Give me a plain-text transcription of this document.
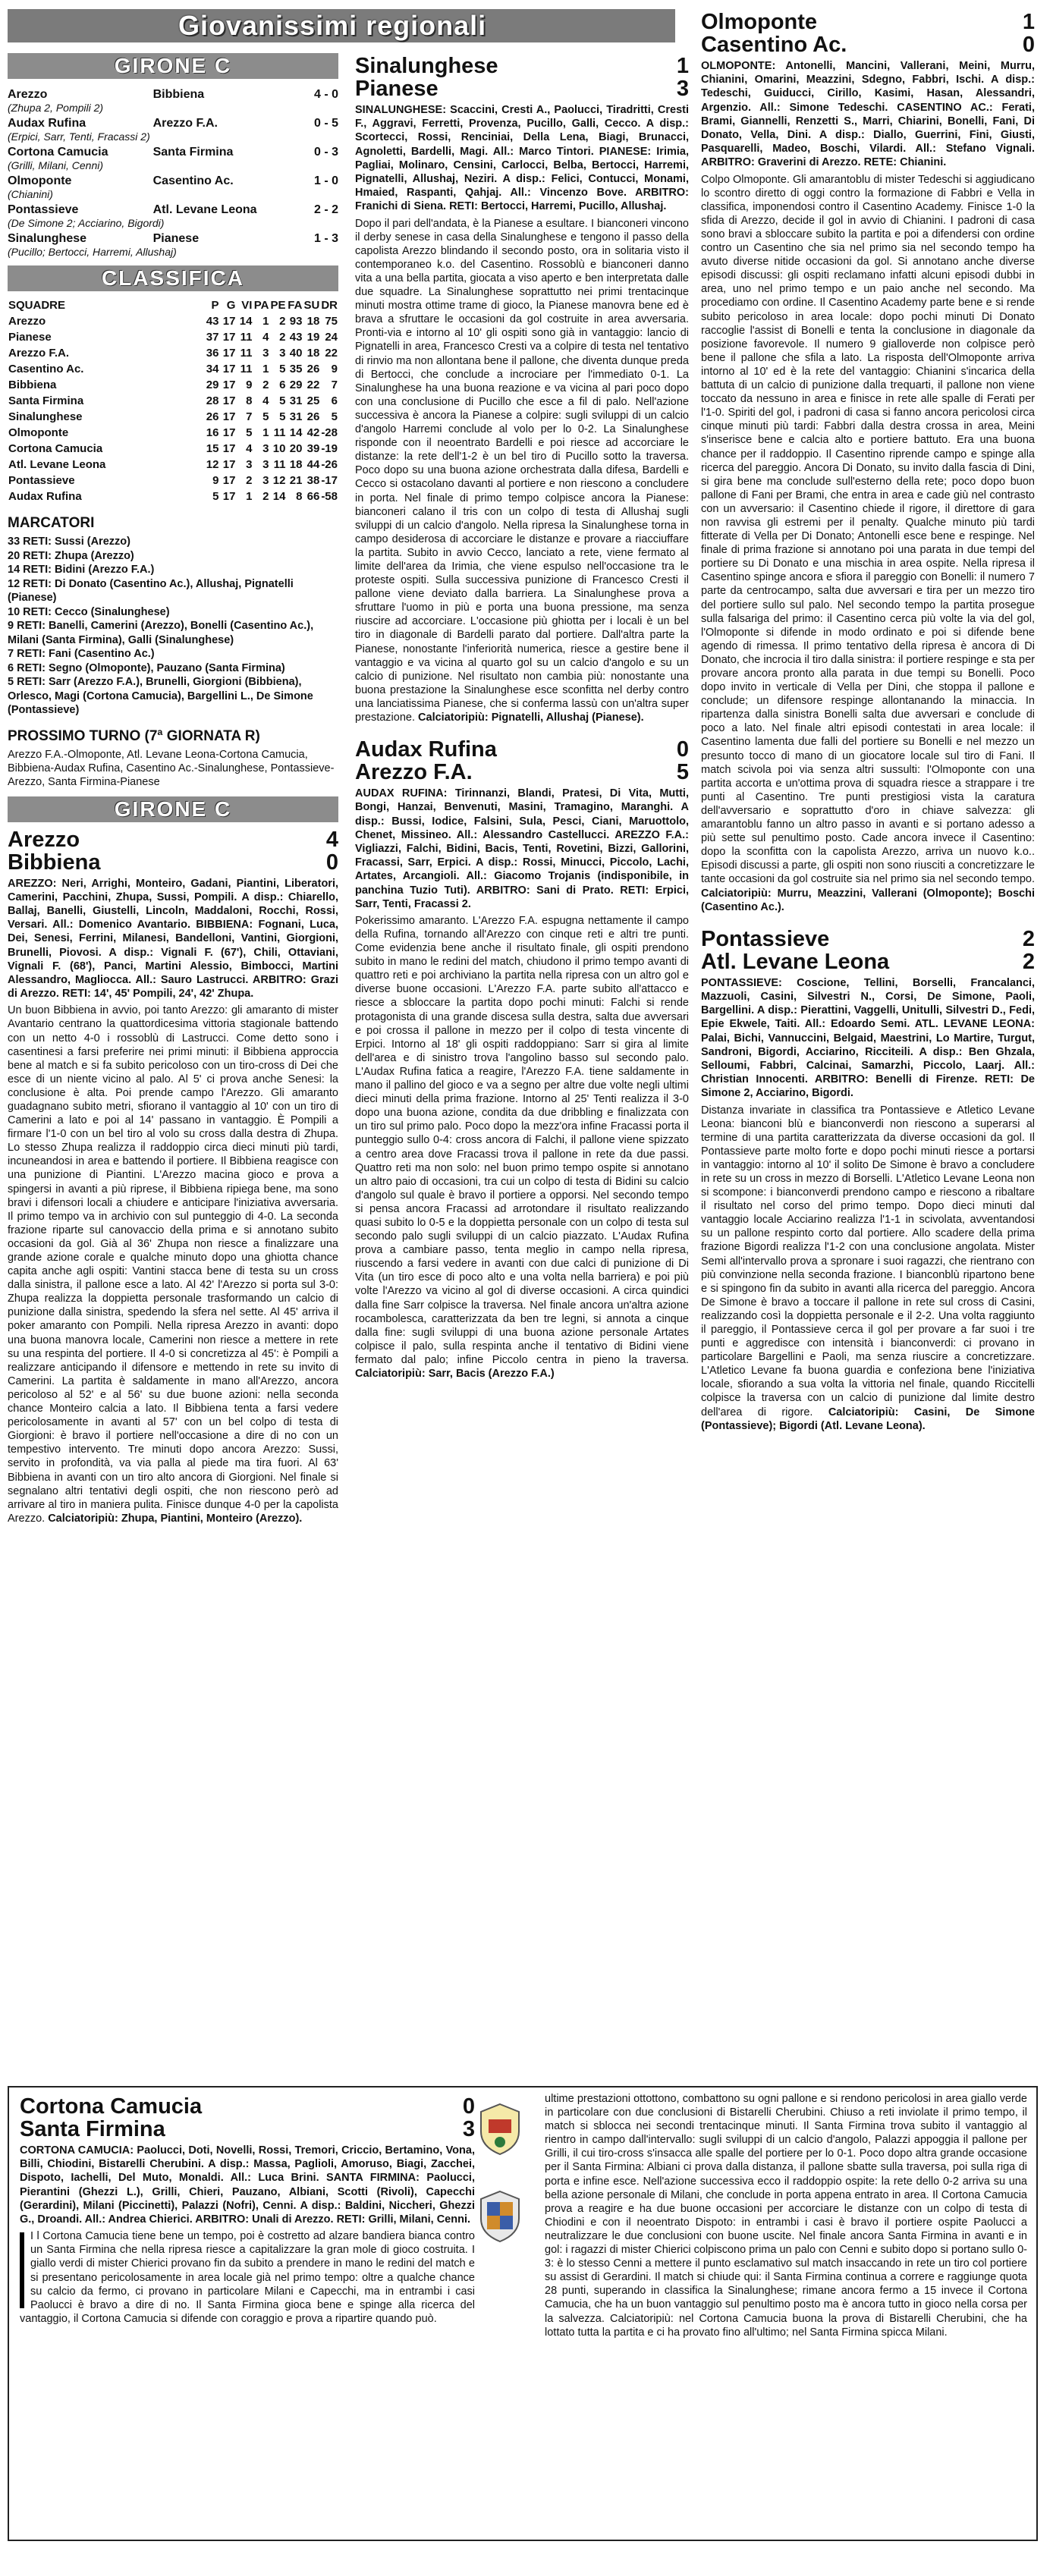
Giovanissimi regionali
GIRONE C
Arezzo	Bibbiena	4 - 0
(Zhupa 2, Pompili 2)		
Audax Rufina	Arezzo F.A.	0 - 5
(Erpici, Sarr, Tenti, Fracassi 2)		
Cortona Camucia	Santa Firmina	0 - 3
(Grilli, Milani, Cenni)		
Olmoponte	Casentino Ac.	1 - 0
(Chianini)		
Pontassieve	Atl. Levane Leona	2 - 2
(De Simone 2; Acciarino, Bigordi)		
Sinalunghese	Pianese	1 - 3
(Pucillo; Bertocci, Harremi, Allushaj)		
CLASSIFICA
SQUADRE	P	G	VI	PA	PE	FA	SU	DR
Arezzo	43	17	14	1	2	93	18	75
Pianese	37	17	11	4	2	43	19	24
Arezzo F.A.	36	17	11	3	3	40	18	22
Casentino Ac.	34	17	11	1	5	35	26	9
Bibbiena	29	17	9	2	6	29	22	7
Santa Firmina	28	17	8	4	5	31	25	6
Sinalunghese	26	17	7	5	5	31	26	5
Olmoponte	16	17	5	1	11	14	42	-28
Cortona Camucia	15	17	4	3	10	20	39	-19
Atl. Levane Leona	12	17	3	3	11	18	44	-26
Pontassieve	9	17	2	3	12	21	38	-17
Audax Rufina	5	17	1	2	14	8	66	-58
MARCATORI
33 RETI: Sussi (Arezzo)
20 RETI: Zhupa (Arezzo)
14 RETI: Bidini (Arezzo F.A.)
12 RETI: Di Donato (Casentino Ac.), Allushaj, Pignatelli (Pianese)
10 RETI: Cecco (Sinalunghese)
9 RETI: Banelli, Camerini (Arezzo), Bonelli (Casentino Ac.), Milani (Santa Firmina), Galli (Sinalunghese)
7 RETI: Fani (Casentino Ac.)
6 RETI: Segno (Olmoponte), Pauzano (Santa Firmina)
5 RETI: Sarr (Arezzo F.A.), Brunelli, Giorgioni (Bibbiena), Orlesco, Magi (Cortona Camucia), Bargellini L., De Simone (Pontassieve)
PROSSIMO TURNO (7ª GIORNATA R)
Arezzo F.A.-Olmoponte, Atl. Levane Leona-Cortona Camucia, Bibbiena-Audax Rufina, Casentino Ac.-Sinalunghese, Pontassieve-Arezzo, Santa Firmina-Pianese
GIRONE C
Arezzo	4
Bibbiena	0
AREZZO: Neri, Arrighi, Monteiro, Gadani, Piantini, Liberatori, Camerini, Pacchini, Zhupa, Sussi, Pompili. A disp.: Chiarello, Ballaj, Banelli, Giustelli, Lincoln, Maddaloni, Rocchi, Rossi, Versari. All.: Domenico Avantario. BIBBIENA: Fognani, Luca, Dei, Senesi, Ferrini, Milanesi, Bandelloni, Vantini, Giorgioni, Brunelli, Piovosi. A disp.: Vignali F. (67'), Chili, Ottaviani, Vignali F. (68'), Panci, Martini Alessio, Bimbocci, Martini Alessandro, Magliocca. All.: Sauro Lastrucci. ARBITRO: Grazi di Arezzo. RETI: 14', 45' Pompili, 24', 42' Zhupa.
Un buon Bibbiena in avvio, poi tanto Arezzo: gli amaranto di mister Avantario centrano la quattordicesima vittoria stagionale battendo con un netto 4-0 i rossoblù di Lastrucci. Come detto sono i casentinesi a farsi preferire nei primi minuti: il Bibbiena approccia bene al match e si fa subito pericoloso con un tiro-cross di Dei che esce di un niente vicino al palo. Al 5' ci prova anche Senesi: la conclusione è alta. Poi prende campo l'Arezzo. Gli amaranto guadagnano subito metri, sfiorano il vantaggio al 10' con un tiro di Camerini a lato e poi al 14' passano in vantaggio. È Pompili a firmare l'1-0 con un bel tiro al volo su cross dalla destra di Zhupa. Lo stesso Zhupa realizza il raddoppio circa dieci minuti più tardi, incuneandosi in area e battendo il portiere. Il Bibbiena reagisce con una punizione di Piantini. L'Arezzo macina gioco e prova a spingersi in avanti a più riprese, il Bibbiena ripiega bene, ma sono bravi i difensori locali a chiudere e anticipare l'iniziativa avversaria. Il primo tempo va in archivio con sul punteggio di 4-0. La seconda frazione riparte sul canovaccio della prima e si annotano subito occasioni da gol. Già al 36' Zhupa non riesce a finalizzare una grande azione corale e qualche minuto dopo una ghiotta chance capita anche agli ospiti: Vantini stacca bene di testa su un cross dalla sinistra, il pallone esce a lato. Al 42' l'Arezzo si porta sul 3-0: Zhupa realizza la doppietta personale trasformando un calcio di punizione dalla sinistra, spedendo la sfera nel sette. Al 45' arriva il poker amaranto con Pompili. Nella ripresa Arezzo in avanti: dopo una buona manovra locale, Camerini non riesce a mettere in rete su una respinta del portiere. Il 4-0 si concretizza al 45': è Pompili a realizzare anticipando il difensore e mettendo in rete su invito di Camerini. La partita è saldamente in mano all'Arezzo, ancora pericoloso al 52' e al 56' su due buone azioni: nella seconda chance Monteiro calcia a lato. Il Bibbiena tenta a farsi vedere pericolosamente in avanti al 57' con un bel colpo di testa di Giorgioni: è bravo il portiere nell'occasione a dire di no con un tempestivo intervento. Tre minuti dopo ancora Arezzo: Sussi, servito in profondità, va via palla al piede ma tira fuori. Al 63' Bibbiena in avanti con un tiro alto ancora di Giorgioni. Nel finale si segnalano altri tentativi degli ospiti, che non riescono però ad arrivare al tiro in maniera pulita. Finisce dunque 4-0 per la capolista Arezzo. Calciatoripiù: Zhupa, Piantini, Monteiro (Arezzo).
Sinalunghese	1
Pianese	3
SINALUNGHESE: Scaccini, Cresti A., Paolucci, Tiradritti, Cresti F., Aggravi, Ferretti, Provenza, Pucillo, Galli, Cecco. A disp.: Scortecci, Rossi, Renciniai, Della Lena, Biagi, Brunacci, Agnoletti, Bardelli, Magi. All.: Marco Tintori. PIANESE: Irimia, Pagliai, Molinaro, Censini, Carlocci, Belba, Bertocci, Harremi, Pignatelli, Allushaj, Neziri. A disp.: Felici, Contucci, Monami, Hmaied, Raspanti, Qahjaj. All.: Vincenzo Bove. ARBITRO: Franichi di Siena. RETI: Bertocci, Harremi, Pucillo, Allushaj.
Dopo il pari dell'andata, è la Pianese a esultare. I bianconeri vincono il derby senese in casa della Sinalunghese e tengono il passo della capolista Arezzo blindando il secondo posto, ora in solitaria visto il contemporaneo k.o. del Casentino. Rossoblù e bianconeri danno vita a una bella partita, giocata a viso aperto e ben interpretata dalle due squadre. La Sinalunghese soprattutto nei primi trentacinque minuti mostra ottime trame di gioco, la Pianese manovra bene ed è brava a sfruttare le occasioni da gol costruite in area avversaria. Pronti-via e intorno al 10' gli ospiti sono già in vantaggio: lancio di Pignatelli in area, Francesco Cresti va a colpire di testa nel tentativo di rinvio ma non allontana bene il pallone, che diventa dunque preda di Bertocci, che conclude a incrociare per l'immediato 0-1. La Sinalunghese ha una buona reazione e va vicina al pari poco dopo con una conclusione di Pucillo che esce a fil di palo. Nell'azione successiva è ancora la Pianese a colpire: sugli sviluppi di un calcio d'angolo Harremi conclude al volo per lo 0-2. La Sinalunghese risponde con il neoentrato Bardelli e poi riesce ad accorciare le distanze: la rete dell'1-2 è un bel tiro di Pucillo sotto la traversa. Poco dopo su una buona azione orchestrata dalla difesa, Bardelli e Cecco si ostacolano davanti al portiere e non riescono a concludere in porta. Nel finale di primo tempo colpisce ancora la Pianese: bianconeri calano il tris con un colpo di testa di Allushaj sugli sviluppi di un calcio d'angolo. Nella ripresa la Sinalunghese torna in campo desiderosa di accorciare le distanze e provare a riacciuffare la partita. Subito in avvio Cecco, lanciato a rete, viene fermato al limite dell'area da Irimia, che viene espulso nell'occasione tra le proteste ospiti. Sulla successiva punizione di Francesco Cresti il pallone viene deviato dalla barriera. La Sinalunghese prova a sfruttare l'uomo in più e porta una buona pressione, ma senza riuscire ad accorciare. L'occasione più ghiotta per i locali è un bel tiro in diagonale di Bardelli parato dal portiere. Dall'altra parte la Pianese, nonostante l'inferiorità numerica, riesce a gestire bene il vantaggio e va vicina al quarto gol su un calcio d'angolo e su un calcio di punizione. Nel risultato non cambia più: nonostante una buona prestazione la Sinalunghese esce sconfitta nel derby contro una lanciatissima Pianese, che si conferma lassù con un'altra super prestazione. Calciatoripiù: Pignatelli, Allushaj (Pianese).
Audax Rufina	0
Arezzo F.A.	5
AUDAX RUFINA: Tirinnanzi, Blandi, Pratesi, Di Vita, Mutti, Bongi, Hanzai, Benvenuti, Masini, Tramagino, Maranghi. A disp.: Bussi, Iodice, Falsini, Sula, Pesci, Ciani, Maruottolo, Chenet, Missineo. All.: Alessandro Castellucci. AREZZO F.A.: Vigliazzi, Falchi, Bidini, Bacis, Tenti, Rovetini, Bizzi, Gallorini, Fracassi, Sarr, Erpici. A disp.: Rossi, Minucci, Piccolo, Lachi, Artates, Arcangioli. All.: Giacomo Trojanis (indisponibile, in panchina Tuzio Tuti). ARBITRO: Sani di Prato. RETI: Erpici, Sarr, Tenti, Fracassi 2.
Pokerissimo amaranto. L'Arezzo F.A. espugna nettamente il campo della Rufina, tornando all'Arezzo con cinque reti e altri tre punti. Come evidenzia bene anche il risultato finale, gli ospiti prendono subito in mano le redini del match, chiudono il primo tempo avanti di quattro reti e poi archiviano la partita nella ripresa con un altro gol e diverse buone occasioni. L'Arezzo F.A. parte subito all'attacco e riesce a sbloccare la partita dopo pochi minuti: Falchi si rende protagonista di una grande discesa sulla destra, salta due avversari e poi crossa il pallone in mezzo per il colpo di testa vincente di Erpici. Intorno al 18' gli ospiti raddoppiano: Sarr si gira al limite dell'area e di sinistro trova l'angolino basso sul secondo palo. L'Audax Rufina fatica a reagire, l'Arezzo F.A. tiene saldamente in mano il pallino del gioco e va a segno per altre due volte negli ultimi dieci minuti della prima frazione. Intorno al 25' Tenti realizza il 3-0 dopo una buona azione, condita da due dribbling e finalizzata con un tiro sul primo palo. Poco dopo la mezz'ora infine Fracassi porta il punteggio sullo 0-4: cross ancora di Falchi, il pallone viene spizzato a centro area dove Fracassi trova il pallone in rete da due passi. Quattro reti ma non solo: nel buon primo tempo ospite si annotano un altro paio di occasioni, tra cui un colpo di testa di Bidini su calcio d'angolo sul quale è bravo il portiere a opporsi. Nel secondo tempo si pensa ancora Fracassi ad arrotondare il risultato realizzando quasi subito lo 0-5 e la doppietta personale con un colpo di testa sul secondo palo sugli sviluppi di un calcio piazzato. L'Audax Rufina prova a cambiare passo, tenta meglio in campo nella ripresa, riuscendo a farsi vedere in avanti con due calci di punizione di Di Vita (un tiro esce di poco alto e una volta nella barriera) e poi più volte l'Arezzo va vicino al gol di diverse occasioni. A circa quindici dalla fine Sarr colpisce la traversa. Nel finale ancora un'altra azione rocambolesca, caratterizzata da ben tre legni, si annota a cinque dalla fine: sugli sviluppi di una buona azione personale Artates colpisce il palo, sulla respinta anche il tentativo di Bidini viene fermato dal palo; infine Piccolo centra in pieno la traversa. Calciatoripiù: Sarr, Bacis (Arezzo F.A.)
Olmoponte	1
Casentino Ac.	0
OLMOPONTE: Antonelli, Mancini, Vallerani, Meini, Murru, Chianini, Omarini, Meazzini, Sdegno, Fabbri, Ischi. A disp.: Tedeschi, Guiducci, Cirillo, Kasimi, Hasan, Alessandri, Argenzio. All.: Simone Tedeschi. CASENTINO AC.: Ferati, Brami, Giannelli, Renzetti S., Marri, Chiarini, Bonelli, Fani, Di Donato, Vella, Dini. A disp.: Diallo, Guerrini, Fini, Giusti, Pasquarelli, Madeo, Boschi, Vilardi. All.: Stefano Vignali. ARBITRO: Graverini di Arezzo. RETE: Chianini.
Colpo Olmoponte. Gli amarantoblu di mister Tedeschi si aggiudicano lo scontro diretto di oggi contro la formazione di Fabbri e Vella in classifica, imponendosi contro il Casentino Academy. Finisce 1-0 la sfida di Arezzo, decide il gol in avvio di Chianini. I padroni di casa sono bravi a sbloccare subito la partita e poi a difendersi con ordine contro un Casentino che sia nel primo sia nel secondo tempo ha avuto diverse nitide occasioni da gol. Si annotano anche diverse episodi discussi: gli ospiti reclamano infatti alcuni episodi dubbi in area, uno nel primo tempo e un paio anche nel secondo. Ma procediamo con ordine. Il Casentino Academy parte bene e si rende subito pericoloso in area locale: dopo pochi minuti Di Donato raccoglie l'assist di Bonelli e tenta la conclusione in diagonale da posizione favorevole. Il numero 9 gialloverde non colpisce però bene il pallone che sfila a lato. La risposta dell'Olmoponte arriva intorno al 10' ed è la rete del vantaggio: Chianini s'incarica della battuta di un calcio di punizione dalla trequarti, il pallone non viene toccato da nessuno in area e finisce in rete alle spalle di Ferati per l'1-0. Spiriti del gol, i padroni di casa si fanno ancora pericolosi circa cinque minuti più tardi: Fabbri dalla destra crossa in area, Meini s'inserisce bene e calcia alto e portiere battuto. Era una buona chance per il raddoppio. Il Casentino riprende campo e spinge alla ricerca del pareggio. Ancora Di Donato, su invito dalla fascia di Dini, si gira bene ma conclude sull'esterno della rete; poco dopo buon pallone di Fani per Brami, che entra in area e cade giù nel contrasto con un avversario: il Casentino chiede il rigore, il direttore di gara non ravvisa gli estremi per il penalty. Qualche minuto più tardi fitterate di Vella per Di Donato; Antonelli esce bene e respinge. Nel finale di prima frazione si annotano poi una parata in due tempi del portiere su Di Donato e una mischia in area ospite. Nella ripresa il Casentino spinge ancora e sfiora il pareggio con Bonelli: il numero 7 parte da centrocampo, salta due avversari e tira per un mezzo tiro del portiere sullo sul palo. Nel secondo tempo la partita prosegue sulla falsariga del primo: il Casentino cerca più volte la via del gol, l'Olmoponte si difende in modo ordinato e poi si difende bene agendo di rimessa. Il primo tentativo della ripresa è ancora di Di Donato, che incrocia il tiro dalla sinistra: il portiere respinge e sta per provare ancora pronto alla parata in due tempi su Bonelli. Poco dopo invito in verticale di Vella per Dini, che stoppa il pallone e conclude; un difensore respinge allontanando la minaccia. In ripartenza dalla sinistra Bonelli salta due avversari e conclude di poco a lato. Nel finale altri episodi contestati in area locale: il Casentino lamenta due falli del portiere su Bonelli e nel mezzo un presunto tocco di mano di un giocatore locale sul tiro di Fani. Il match scivola poi via senza altri sussulti: l'Olmoponte con una partita accorta e un'ottima prova di squadra riesce a strappare i tre punti al Casentino. Tre punti prestigiosi vista la caratura dell'avversario e soprattutto d'oro in chiave salvezza: gli amarantoblu fanno un altro passo in avanti e si portano adesso a più sette sul penultimo posto. Cade ancora invece il Casentino: dopo la sconfitta con la capolista Arezzo, arriva un nuovo k.o.. Episodi discussi a parte, gli ospiti non sono riusciti a concretizzare le tante occasioni da gol costruite sia nel primo sia nel secondo tempo. Calciatoripiù: Murru, Meazzini, Vallerani (Olmoponte); Boschi (Casentino Ac.).
Pontassieve	2
Atl. Levane Leona	2
PONTASSIEVE: Coscione, Tellini, Borselli, Francalanci, Mazzuoli, Casini, Silvestri N., Corsi, De Simone, Paoli, Bargellini. A disp.: Pierattini, Vaggelli, Unitulli, Silvestri D., Fedi, Epie Ekwele, Taiti. All.: Edoardo Semi. ATL. LEVANE LEONA: Palai, Bichi, Vannuccini, Belgaid, Maestrini, Lo Martire, Turgut, Sandroni, Bigordi, Acciarino, Ricciteili. A disp.: Ben Ghzala, Selloumi, Fabbri, Calcinai, Samarzhi, Piccolo, Laarj. All.: Christian Innocenti. ARBITRO: Benelli di Firenze. RETI: De Simone 2, Acciarino, Bigordi.
Distanza invariate in classifica tra Pontassieve e Atletico Levane Leona: bianconi blù e bianconverdi non riescono a superarsi al termine di una partita caratterizzata da diverse occasioni da gol. Il Pontassieve parte molto forte e dopo pochi minuti riesce a portarsi in vantaggio: intorno al 10' il solito De Simone è bravo a concludere in rete su un cross in mezzo di Borselli. L'Atletico Levane Leona non si scompone: i bianconverdi prendono campo e riescono a ribaltare il risultato nel corso del primo tempo. Dopo dieci minuti dal vantaggio locale Acciarino realizza l'1-1 in scivolata, avventandosi su un pallone respinto corto dal portiere. Allo scadere della prima frazione Bigordi realizza l'1-2 con una conclusione angolata. Mister Semi all'intervallo prova a spronare i suoi ragazzi, che rientrano con più convinzione nella seconda frazione. I bianconblù ripartono bene e si spingono fin da subito in avanti alla ricerca del pareggio. Ancora De Simone è bravo a toccare il pallone in rete sul cross di Casini, realizzando così la doppietta personale e il 2-2. Una volta raggiunto il pareggio, il Pontassieve cerca il gol per provare a far suoi i tre punti e aggredisce con intensità i bianconverdi: ci provano in particolare Bargellini e Paoli, ma senza riuscire a concretizzare. L'Atletico Levane fa buona guardia e confeziona bene l'iniziativa locale, sfiorando a sua volta la vittoria nel finale, quando Riccitelli colpisce la traversa con un calcio di punizione dal limite destro dell'area di rigore. Calciatoripiù: Casini, De Simone (Pontassieve); Bigordi (Atl. Levane Leona).
Cortona Camucia	0
Santa Firmina	3
CORTONA CAMUCIA: Paolucci, Doti, Novelli, Rossi, Tremori, Criccio, Bertamino, Vona, Billi, Chiodini, Bistarelli Cherubini. A disp.: Massa, Paglioli, Amoruso, Biagi, Zacchei, Dispoto, Iachelli, Del Muto, Monaldi. All.: Luca Brini. SANTA FIRMINA: Paolucci, Pierantini (Ghezzi L.), Grilli, Chieri, Pauzano, Albiani, Scotti (Rivoli), Capecchi (Gerardini), Milani (Piccinetti), Palazzi (Nofri), Cenni. A disp.: Baldini, Niccheri, Ghezzi G., Droandi. All.: Andrea Chierici. ARBITRO: Unali di Arezzo. RETI: Grilli, Milani, Cenni.
I l Cortona Camucia tiene bene un tempo, poi è costretto ad alzare bandiera bianca contro un Santa Firmina che nella ripresa riesce a capitalizzare la gran mole di gioco costruita. I giallo verdi di mister Chierici provano fin da subito a prendere in mano le redini del match e si presentano pericolosamente in area locale già nel primo tempo: oltre a qualche chance su calcio da fermo, ci provano in particolare Milani e Capecchi, ma in entrambi i casi Paolucci è bravo a dire di no. Il Santa Firmina gioca bene e spinge alla ricerca del vantaggio, il Cortona Camucia si difende con coraggio e prova a ripartire quando può.
ultime prestazioni ottottono, combattono su ogni pallone e si rendono pericolosi in area giallo verde in particolare con due conclusioni di Bistarelli Cherubini. Chiuso a reti inviolate il primo tempo, il match si sblocca nei secondi trentacinque minuti. Il Santa Firmina trova subito il vantaggio al rientro in campo dall'intervallo: sugli sviluppi di un calcio d'angolo, Palazzi appoggia il pallone per Grilli, il cui tiro-cross s'insacca alle spalle del portiere per lo 0-1. Poco dopo altra grande occasione per il Santa Firmina: Albiani ci prova dalla distanza, il pallone sbatte sulla traversa, poi sulla riga di porta e infine esce. Nell'azione successiva ecco il raddoppio ospite: la rete dello 0-2 arriva su una bella azione personale di Milani, che conclude in porta appena entrato in area. Il Cortona Camucia prova a reagire e ha due buone occasioni per accorciare le distanze con un colpo di testa di Chiodini e con il neoentrato Dispoto: in entrambi i casi è bravo il portiere ospite Paolucci a neutralizzare le due conclusioni con buone uscite. Nel finale ancora Santa Firmina in avanti e in gol: i ragazzi di mister Chierici colpiscono prima un palo con Cenni e subito dopo si portano sullo 0-3: è lo stesso Cenni a mettere il punto esclamativo sul match insaccando in rete un tiro col portiere su assist di Gerardini. Il match si chiude qui: il Santa Firmina continua a correre e raggiunge quota 28 punti, superando in classifica la Sinalunghese; rimane ancora fermo a 15 invece il Cortona Camucia, che ha un buon vantaggio sul penultimo posto ma è ancora tutto in gioco nella corsa per la salvezza. Calciatoripiù: nel Cortona Camucia buona la prova di Bistarelli Cherubini, che ha lottato tutta la partita e ci ha provato fino all'ultimo; nel Santa Firmina spicca Milani.
